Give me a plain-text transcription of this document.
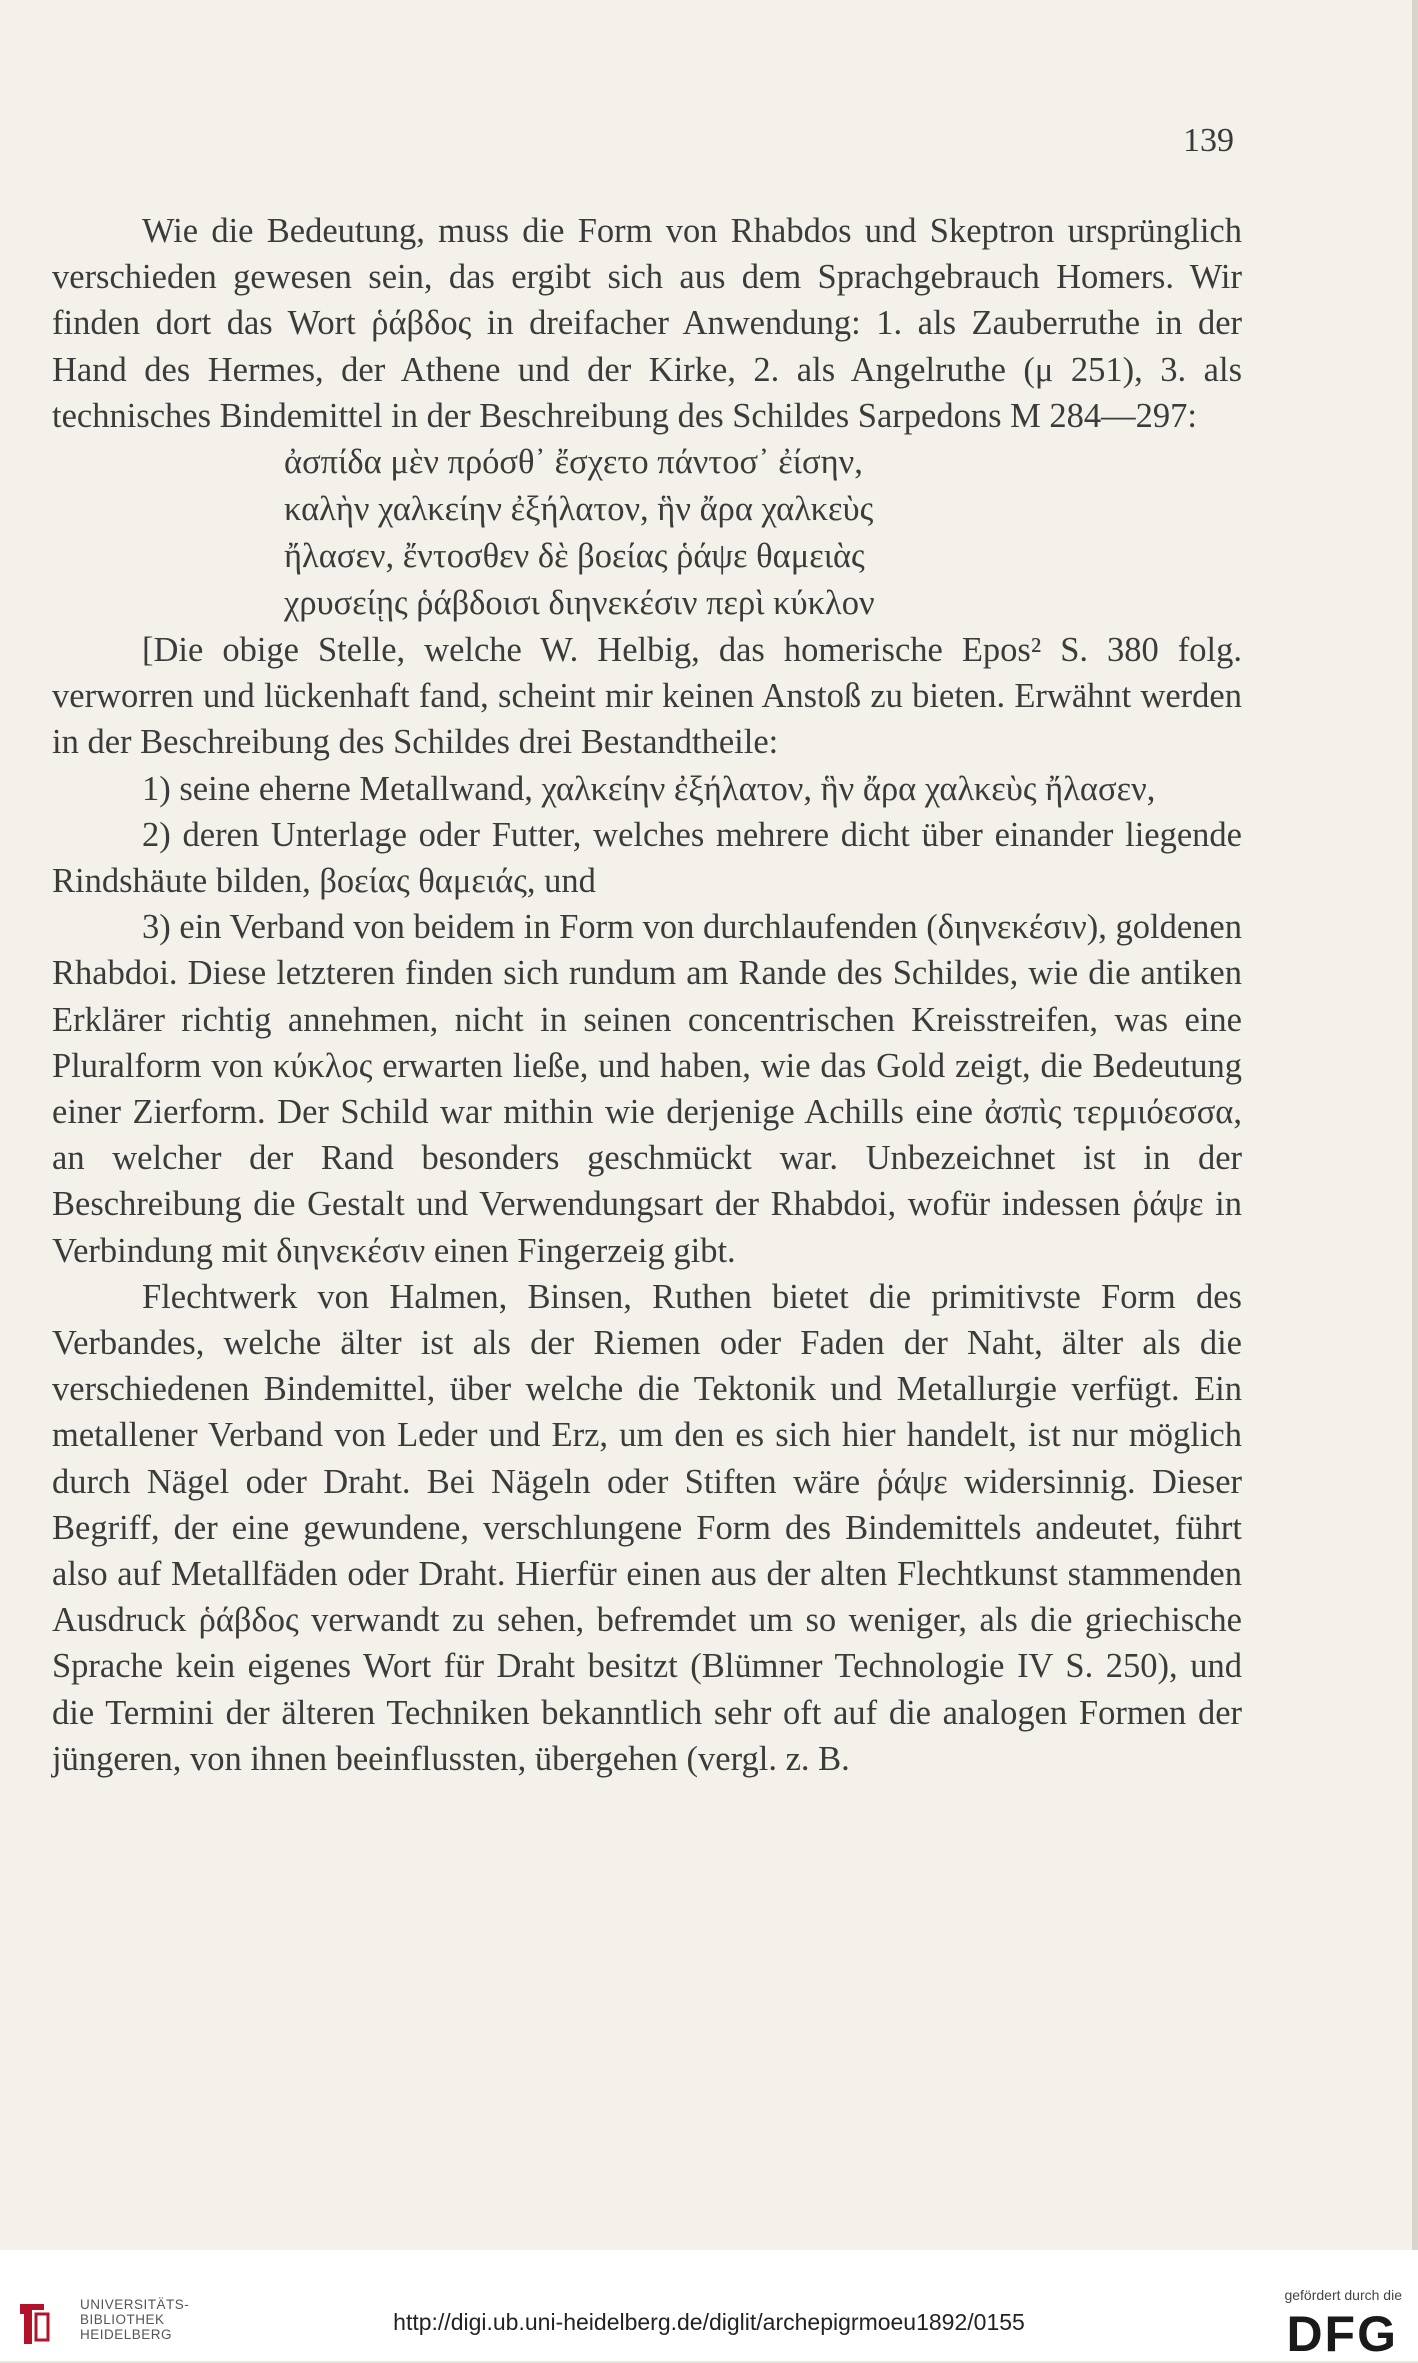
139

Wie die Bedeutung, muss die Form von Rhabdos und Skeptron ursprünglich verschieden gewesen sein, das ergibt sich aus dem Sprachgebrauch Homers. Wir finden dort das Wort ῥάβδος in dreifacher Anwendung: 1. als Zauberruthe in der Hand des Hermes, der Athene und der Kirke, 2. als Angelruthe (μ 251), 3. als technisches Bindemittel in der Beschreibung des Schildes Sarpedons M 284—297:

ἀσπίδα μὲν πρόσθ᾽ ἔσχετο πάντοσ᾽ ἐίσην,
καλὴν χαλκείην ἐξήλατον, ἣν ἄρα χαλκεὺς
ἤλασεν, ἔντοσθεν δὲ βοείας ῥάψε θαμειὰς
χρυσείῃς ῥάβδοισι διηνεκέσιν περὶ κύκλον

[Die obige Stelle, welche W. Helbig, das homerische Epos² S. 380 folg. verworren und lückenhaft fand, scheint mir keinen Anstoß zu bieten. Erwähnt werden in der Beschreibung des Schildes drei Bestandtheile:

1) seine eherne Metallwand, χαλκείην ἐξήλατον, ἣν ἄρα χαλκεὺς ἤλασεν,

2) deren Unterlage oder Futter, welches mehrere dicht über einander liegende Rindshäute bilden, βοείας θαμειάς, und

3) ein Verband von beidem in Form von durchlaufenden (διηνεκέσιν), goldenen Rhabdoi. Diese letzteren finden sich rundum am Rande des Schildes, wie die antiken Erklärer richtig annehmen, nicht in seinen concentrischen Kreisstreifen, was eine Pluralform von κύκλος erwarten ließe, und haben, wie das Gold zeigt, die Bedeutung einer Zierform. Der Schild war mithin wie derjenige Achills eine ἀσπὶς τερμιόεσσα, an welcher der Rand besonders geschmückt war. Unbezeichnet ist in der Beschreibung die Gestalt und Verwendungsart der Rhabdoi, wofür indessen ῥάψε in Verbindung mit διηνεκέσιν einen Fingerzeig gibt.

Flechtwerk von Halmen, Binsen, Ruthen bietet die primitivste Form des Verbandes, welche älter ist als der Riemen oder Faden der Naht, älter als die verschiedenen Bindemittel, über welche die Tektonik und Metallurgie verfügt. Ein metallener Verband von Leder und Erz, um den es sich hier handelt, ist nur möglich durch Nägel oder Draht. Bei Nägeln oder Stiften wäre ῥάψε widersinnig. Dieser Begriff, der eine gewundene, verschlungene Form des Bindemittels andeutet, führt also auf Metallfäden oder Draht. Hierfür einen aus der alten Flechtkunst stammenden Ausdruck ῥάβδος verwandt zu sehen, befremdet um so weniger, als die griechische Sprache kein eigenes Wort für Draht besitzt (Blümner Technologie IV S. 250), und die Termini der älteren Techniken bekanntlich sehr oft auf die analogen Formen der jüngeren, von ihnen beeinflussten, übergehen (vergl. z. B.

UNIVERSITÄTS-
BIBLIOTHEK
HEIDELBERG	http://digi.ub.uni-heidelberg.de/diglit/archepigrmoeu1892/0155
gefördert durch die
DFG
